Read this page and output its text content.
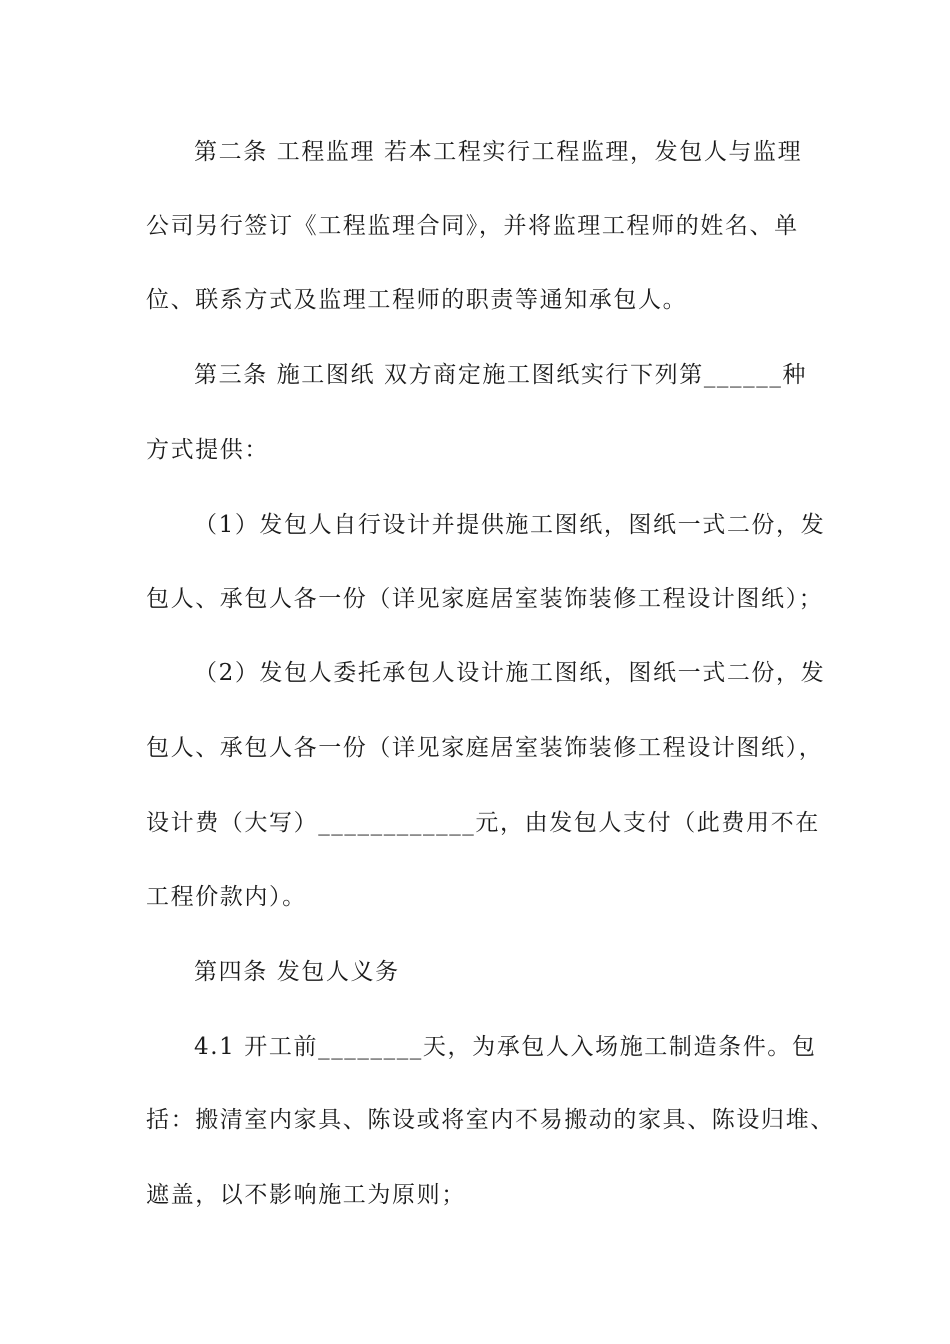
第二条 工程监理 若本工程实行工程监理，发包人与监理
公司另行签订《工程监理合同》，并将监理工程师的姓名、单
位、联系方式及监理工程师的职责等通知承包人。
第三条 施工图纸 双方商定施工图纸实行下列第______种
方式提供：
（1）发包人自行设计并提供施工图纸，图纸一式二份，发
包人、承包人各一份（详见家庭居室装饰装修工程设计图纸）；
（2）发包人委托承包人设计施工图纸，图纸一式二份，发
包人、承包人各一份（详见家庭居室装饰装修工程设计图纸），
设计费（大写）____________元，由发包人支付（此费用不在
工程价款内）。
第四条 发包人义务
4.1 开工前________天，为承包人入场施工制造条件。包
括：搬清室内家具、陈设或将室内不易搬动的家具、陈设归堆、
遮盖，以不影响施工为原则；
